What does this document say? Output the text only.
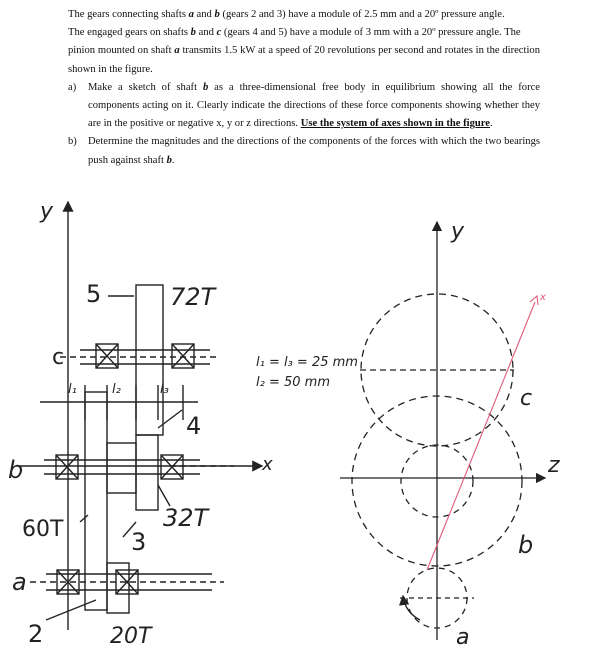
The gears connecting shafts a and b (gears 2 and 3) have a module of 2.5 mm and a 20º pressure angle.

The engaged gears on shafts b and c (gears 4 and 5) have a module of 3 mm with a 20º pressure angle. The

pinion mounted on shaft a transmits 1.5 kW at a speed of 20 revolutions per second and rotates in the direction shown in the figure.

a) Make a sketch of shaft b as a three-dimensional free body in equilibrium showing all the force components acting on it. Clearly indicate the directions of these force components showing whether they are in the positive or negative x, y or z directions. Use the system of axes shown in the figure.
b) Determine the magnitudes and the directions of the components of the forces with which the two bearings push against shaft b.
y
x
5	72T
c
l₁	l₂	l₃
4
b
60T	32T
3
a
2	20T
l₁ = l₃ = 25 mm
l₂ = 50 mm
y
z
x
c
b
a
